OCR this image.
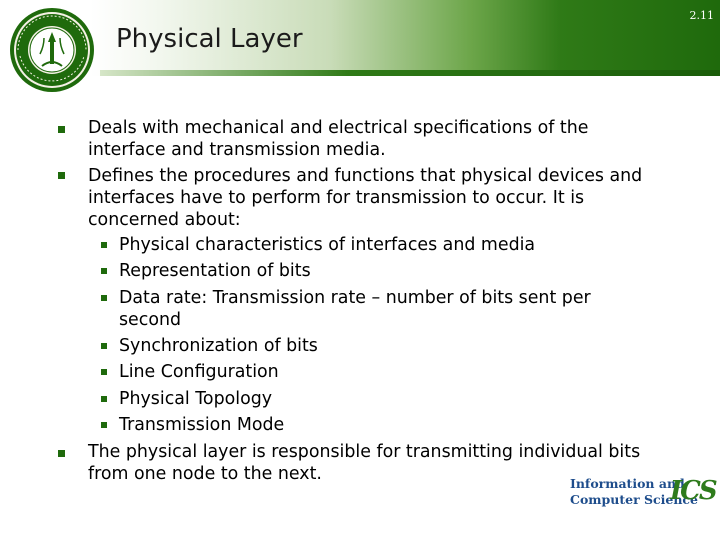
Physical Layer
2.11
Deals with mechanical and electrical specifications of the
interface and transmission media.
Defines the procedures and functions that physical devices and
interfaces have to perform for transmission to occur. It is
concerned about:
Physical characteristics of interfaces and media
Representation of bits
Data rate: Transmission rate – number of bits sent per
second
Synchronization of bits
Line Configuration
Physical Topology
Transmission Mode
The physical layer is responsible for transmitting individual bits
from one node to the next.	Information and
Computer Science
ICS
